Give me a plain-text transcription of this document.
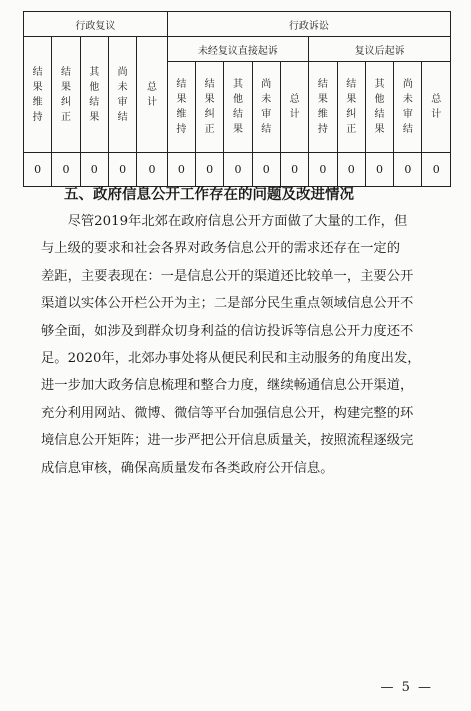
行政复议					行政诉讼									
结果维持	结果纠正	其他结果	尚未审结	总计	未经复议直接起诉					复议后起诉				
					结果维持	结果纠正	其他结果	尚未审结	总计	结果维持	结果纠正	其他结果	尚未审结	总计
0	0	0	0	0	0	0	0	0	0	0	0	0	0	0
五、政府信息公开工作存在的问题及改进情况

　　尽管2019年北郊在政府信息公开方面做了大量的工作，但
与上级的要求和社会各界对政务信息公开的需求还存在一定的
差距，主要表现在：一是信息公开的渠道还比较单一，主要公开
渠道以实体公开栏公开为主；二是部分民生重点领域信息公开不
够全面，如涉及到群众切身利益的信访投诉等信息公开力度还不
足。2020年，北郊办事处将从便民利民和主动服务的角度出发，
进一步加大政务信息梳理和整合力度，继续畅通信息公开渠道，
充分利用网站、微博、微信等平台加强信息公开，构建完整的环
境信息公开矩阵；进一步严把公开信息质量关，按照流程逐级完
成信息审核，确保高质量发布各类政府公开信息。

— 5 —
